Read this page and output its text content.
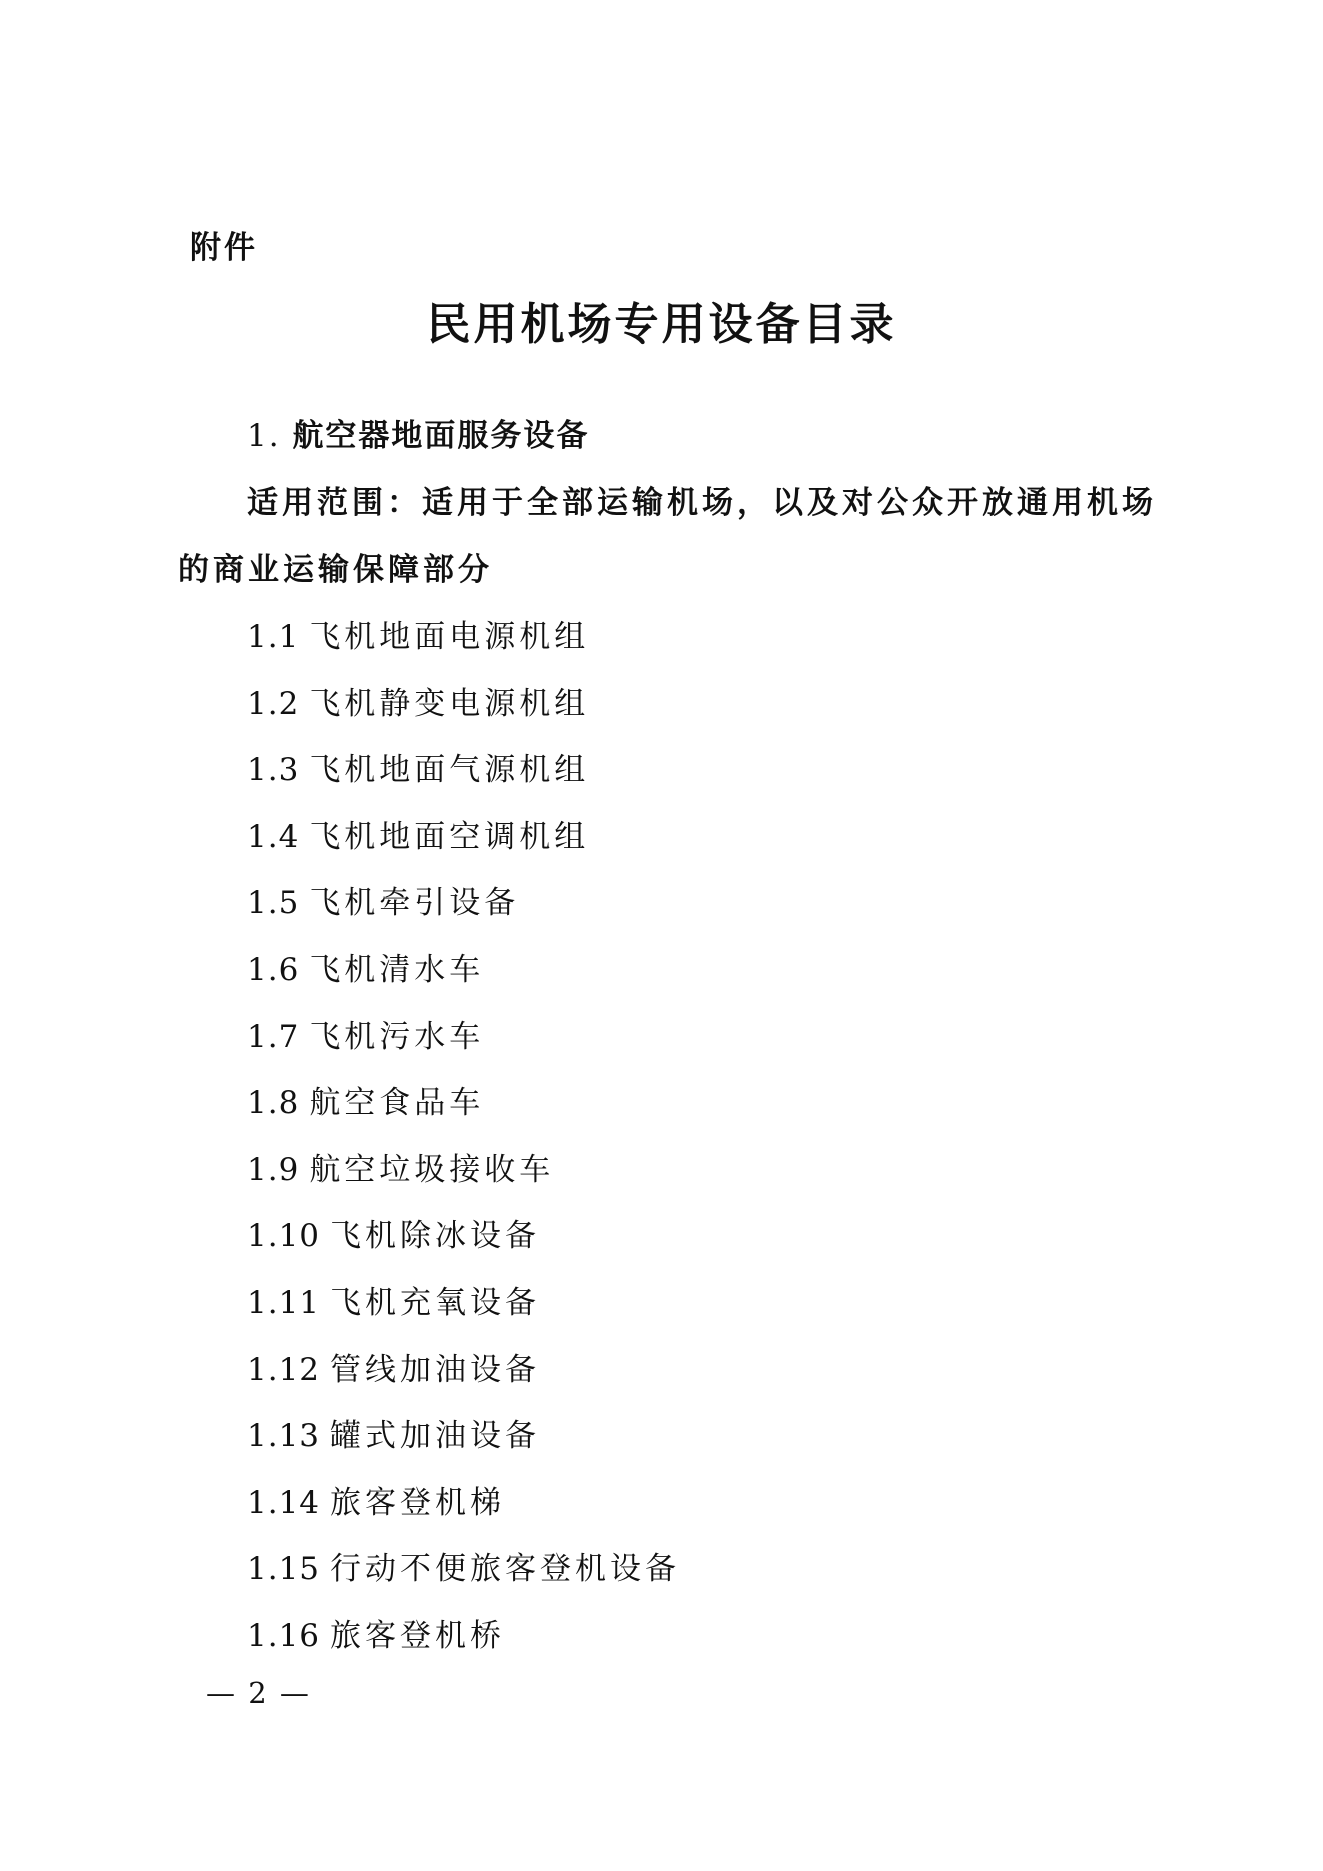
附件
民用机场专用设备目录
1. 航空器地面服务设备
适用范围：适用于全部运输机场，以及对公众开放通用机场的商业运输保障部分
1.1 飞机地面电源机组
1.2 飞机静变电源机组
1.3 飞机地面气源机组
1.4 飞机地面空调机组
1.5 飞机牵引设备
1.6 飞机清水车
1.7 飞机污水车
1.8 航空食品车
1.9 航空垃圾接收车
1.10 飞机除冰设备
1.11 飞机充氧设备
1.12 管线加油设备
1.13 罐式加油设备
1.14 旅客登机梯
1.15 行动不便旅客登机设备
1.16 旅客登机桥
— 2 —
